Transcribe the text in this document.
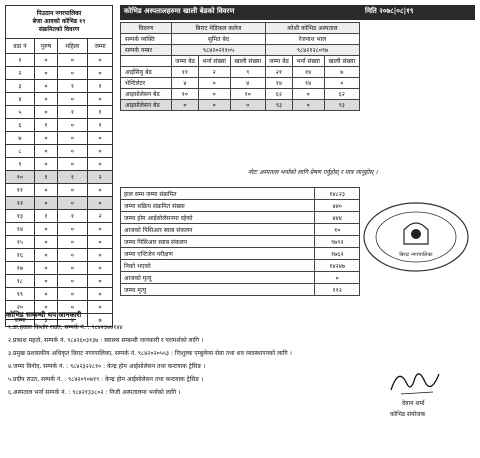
पिउठान नगरपालिका
बेजा आवको कोभिड १९
संक्रमितको विवरण			
वडा नं	पुरुष	महिला	जम्मा
१	०	०	०
२	०	०	०
३	०	१	१
४	०	०	०
५	०	१	१
६	१	०	१
७	०	०	०
८	०	०	०
९	०	०	०
१०	१	१	२
११	०	०	०
१२	०	०	०
१३	१	१	२
१४	०	०	०
१५	०	०	०
१६	०	०	०
१७	०	०	०
१८	०	०	०
१९	०	०	०
२०	०	०	०
जम्मा	३	४	७
कोभिड अस्पतालहरुमा खाली बेडको विवरण	मिति २०७८|०८|१९
विवरण	बिराट मेडिकल कलेज			कोशी कोभिड अस्पताल		
सम्पर्क व्यक्ति	सुमित बेद			रेजनाथ भाल		
सम्पर्क नम्बर	९८४२०२११०५			९८४२१२८०९७		
	जम्मा बेड	भर्ना संख्या	खाली संख्या	जम्मा बेड	भर्ना संख्या	खाली संख्या
आईसियु बेड	११	२	९	२१	१४	७
भेन्टिलेटर	४	०	४	१४	१४	०
आइसोलेसन बेड	१०	०	१०	६२	०	६२
आइसोलेसन बेड	०	०	०	९३	०	९३
नोटः अस्पताल भर्नाको लागि प्रेषण गर्नुहोस् र मात्र जानुहोस् ।
हाल सम्म जम्मा संक्रमित	१४८२३
जम्मा सक्रिय संक्रमित संख्या	४४०
जम्मा होम आईसोलेसनमा रहेको	४४४
आजको पिसिआर स्वाब संकलन	१०
जम्मा पिसिआर स्वाब संकलन	९७९२
जम्मा एन्टिजेन परीक्षण	१७६२
निको भएको	१४२४७
आजको मृत्यु	०
जम्मा मृत्यु	११२
बिराट नगरपालिका
कोभिड सम्बन्धी थप जानकारी
१.डा.हवाल किशोर राउत, सम्पर्क नं. : ९८४२३७७१४४
२.प्रकाश महतो, सम्पर्क नं. ९८४२६०३१३७ : स्वास्थ्य सम्बन्धी जानकारी र परामर्शको लागि ।
३.प्रमुख प्रशासकीय अधिकृत विराट नगरपालिका, सम्पर्क नं. ९८४२०२०५५३ : निःशुल्क एम्बुलेन्स सेवा तथा शव व्यवस्थापनको लागि ।
४.जम्मा विनोद, सम्पर्क नं. : ९८४२३२२८१० : केन्द्र होम आईसोलेसन तथा कन्टयाक ट्रेसिङ ।
५.प्रदीप राउत, सम्पर्क नं. : ९८४२०९०७१९ : केन्द्र होम आईसोलेसन तथा कन्टयाक ट्रेसिङ ।
६.अस्पताल भर्ना सम्पर्क नं. : ९८४२१३३८०२ : निजी अस्पतालमा भर्नाको लागि ।
देवान शर्मा
कोभिड संयोजक
